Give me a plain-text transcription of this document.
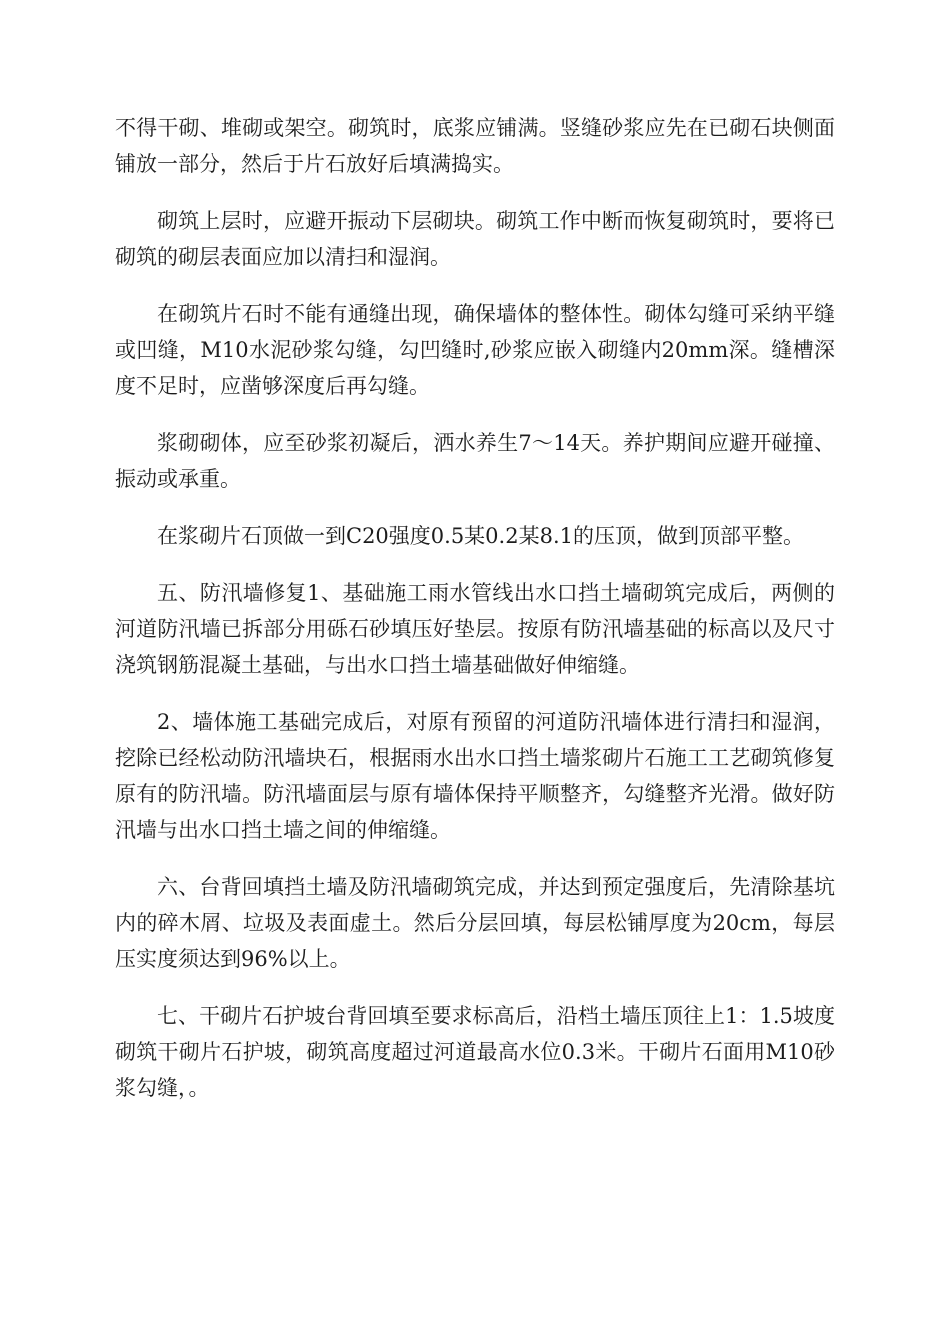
不得干砌、堆砌或架空。砌筑时，底浆应铺满。竖缝砂浆应先在已砌石块侧面铺放一部分，然后于片石放好后填满捣实。

砌筑上层时，应避开振动下层砌块。砌筑工作中断而恢复砌筑时，要将已砌筑的砌层表面应加以清扫和湿润。

在砌筑片石时不能有通缝出现，确保墙体的整体性。砌体勾缝可采纳平缝或凹缝，M10水泥砂浆勾缝，勾凹缝时,砂浆应嵌入砌缝内20mm深。缝槽深度不足时，应凿够深度后再勾缝。

浆砌砌体，应至砂浆初凝后，洒水养生7～14天。养护期间应避开碰撞、振动或承重。

在浆砌片石顶做一到C20强度0.5某0.2某8.1的压顶，做到顶部平整。

五、防汛墙修复1、基础施工雨水管线出水口挡土墙砌筑完成后，两侧的河道防汛墙已拆部分用砾石砂填压好垫层。按原有防汛墙基础的标高以及尺寸浇筑钢筋混凝土基础，与出水口挡土墙基础做好伸缩缝。

2、墙体施工基础完成后，对原有预留的河道防汛墙体进行清扫和湿润，挖除已经松动防汛墙块石，根据雨水出水口挡土墙浆砌片石施工工艺砌筑修复原有的防汛墙。防汛墙面层与原有墙体保持平顺整齐，勾缝整齐光滑。做好防汛墙与出水口挡土墙之间的伸缩缝。

六、台背回填挡土墙及防汛墙砌筑完成，并达到预定强度后，先清除基坑内的碎木屑、垃圾及表面虚土。然后分层回填，每层松铺厚度为20cm，每层压实度须达到96%以上。

七、干砌片石护坡台背回填至要求标高后，沿档土墙压顶往上1：1.5坡度砌筑干砌片石护坡，砌筑高度超过河道最高水位0.3米。干砌片石面用M10砂浆勾缝，。
